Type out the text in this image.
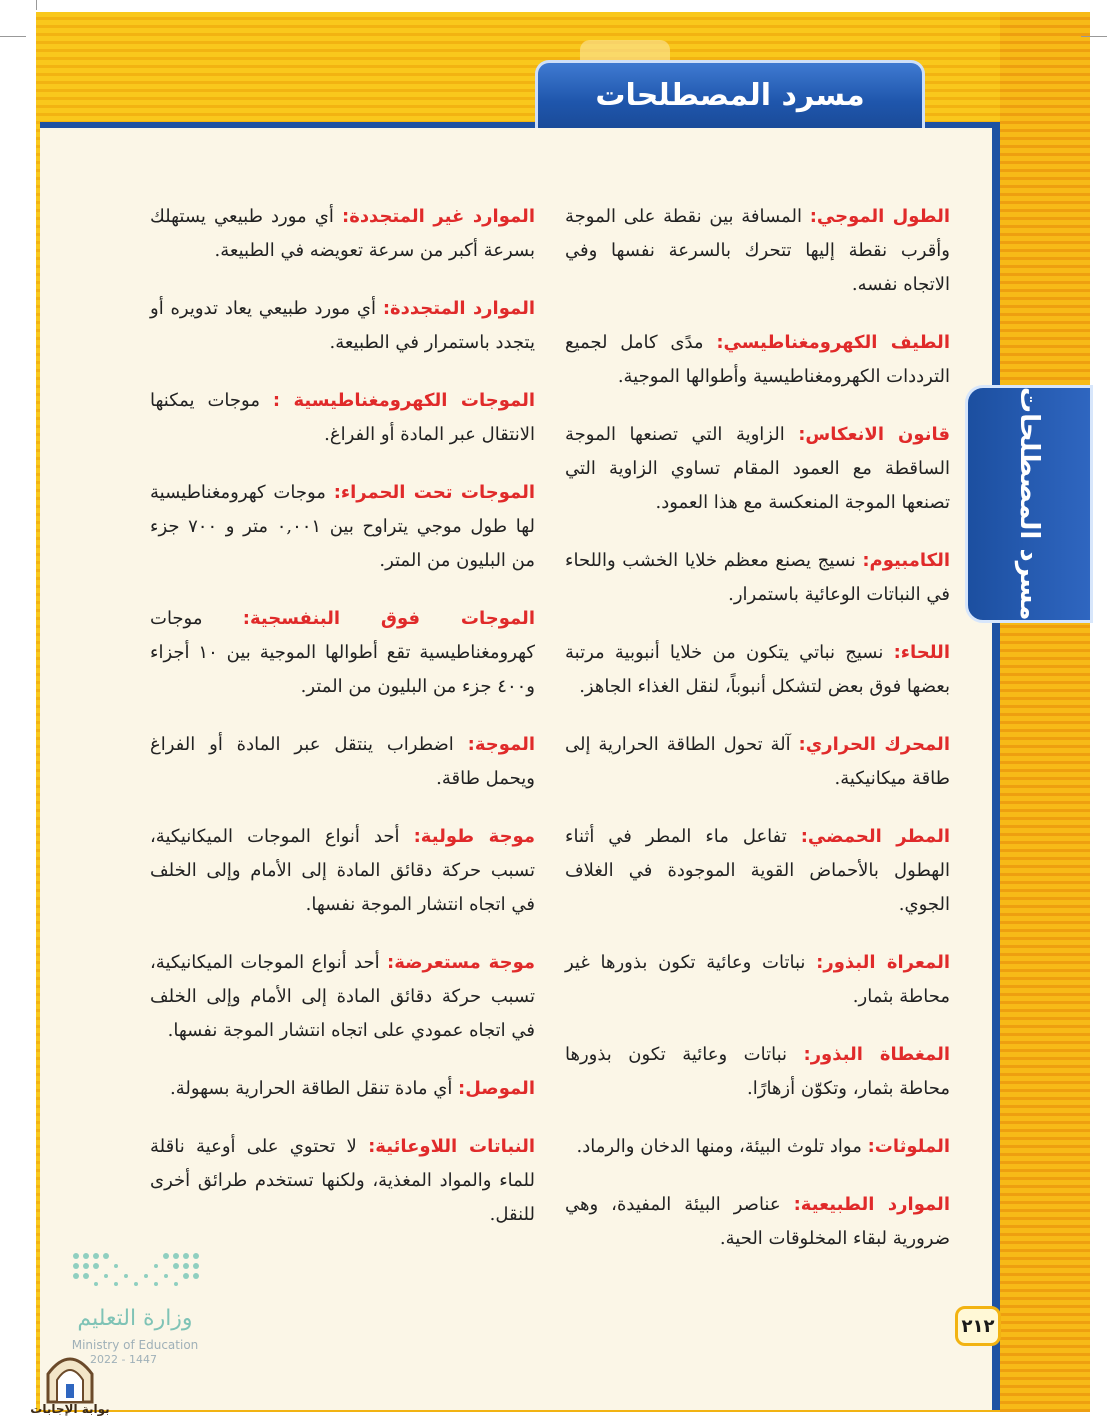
مسرد المصطلحات
مسرد المصطلحات

الطول الموجي: المسافة بين نقطة على الموجة وأقرب نقطة إليها تتحرك بالسرعة نفسها وفي الاتجاه نفسه.

الطيف الكهرومغناطيسي: مدًى كامل لجميع الترددات الكهرومغناطيسية وأطوالها الموجية.

قانون الانعكاس: الزاوية التي تصنعها الموجة الساقطة مع العمود المقام تساوي الزاوية التي تصنعها الموجة المنعكسة مع هذا العمود.

الكامبيوم: نسيج يصنع معظم خلايا الخشب واللحاء في النباتات الوعائية باستمرار.

اللحاء: نسيج نباتي يتكون من خلايا أنبوبية مرتبة بعضها فوق بعض لتشكل أنبوباً، لنقل الغذاء الجاهز.

المحرك الحراري: آلة تحول الطاقة الحرارية إلى طاقة ميكانيكية.

المطر الحمضي: تفاعل ماء المطر في أثناء الهطول بالأحماض القوية الموجودة في الغلاف الجوي.

المعراة البذور: نباتات وعائية تكون بذورها غير محاطة بثمار.

المغطاة البذور: نباتات وعائية تكون بذورها محاطة بثمار، وتكوّن أزهارًا.

الملوثات: مواد تلوث البيئة، ومنها الدخان والرماد.

الموارد الطبيعية: عناصر البيئة المفيدة، وهي ضرورية لبقاء المخلوقات الحية.

الموارد غير المتجددة: أي مورد طبيعي يستهلك بسرعة أكبر من سرعة تعويضه في الطبيعة.

الموارد المتجددة: أي مورد طبيعي يعاد تدويره أو يتجدد باستمرار في الطبيعة.

الموجات الكهرومغناطيسية : موجات يمكنها الانتقال عبر المادة أو الفراغ.

الموجات تحت الحمراء: موجات كهرومغناطيسية لها طول موجي يتراوح بين ٠,٠٠١ متر و ٧٠٠ جزء من البليون من المتر.

الموجات فوق البنفسجية: موجات كهرومغناطيسية تقع أطوالها الموجية بين ١٠ أجزاء و٤٠٠ جزء من البليون من المتر.

الموجة: اضطراب ينتقل عبر المادة أو الفراغ ويحمل طاقة.

موجة طولية: أحد أنواع الموجات الميكانيكية، تسبب حركة دقائق المادة إلى الأمام وإلى الخلف في اتجاه انتشار الموجة نفسها.

موجة مستعرضة: أحد أنواع الموجات الميكانيكية، تسبب حركة دقائق المادة إلى الأمام وإلى الخلف في اتجاه عمودي على اتجاه انتشار الموجة نفسها.

الموصل: أي مادة تنقل الطاقة الحرارية بسهولة.

النباتات اللاوعائية: لا تحتوي على أوعية ناقلة للماء والمواد المغذية، ولكنها تستخدم طرائق أخرى للنقل.

٢١٢
وزارة التعليم
Ministry of Education
2022 - 1447
بوابة الإجابات
